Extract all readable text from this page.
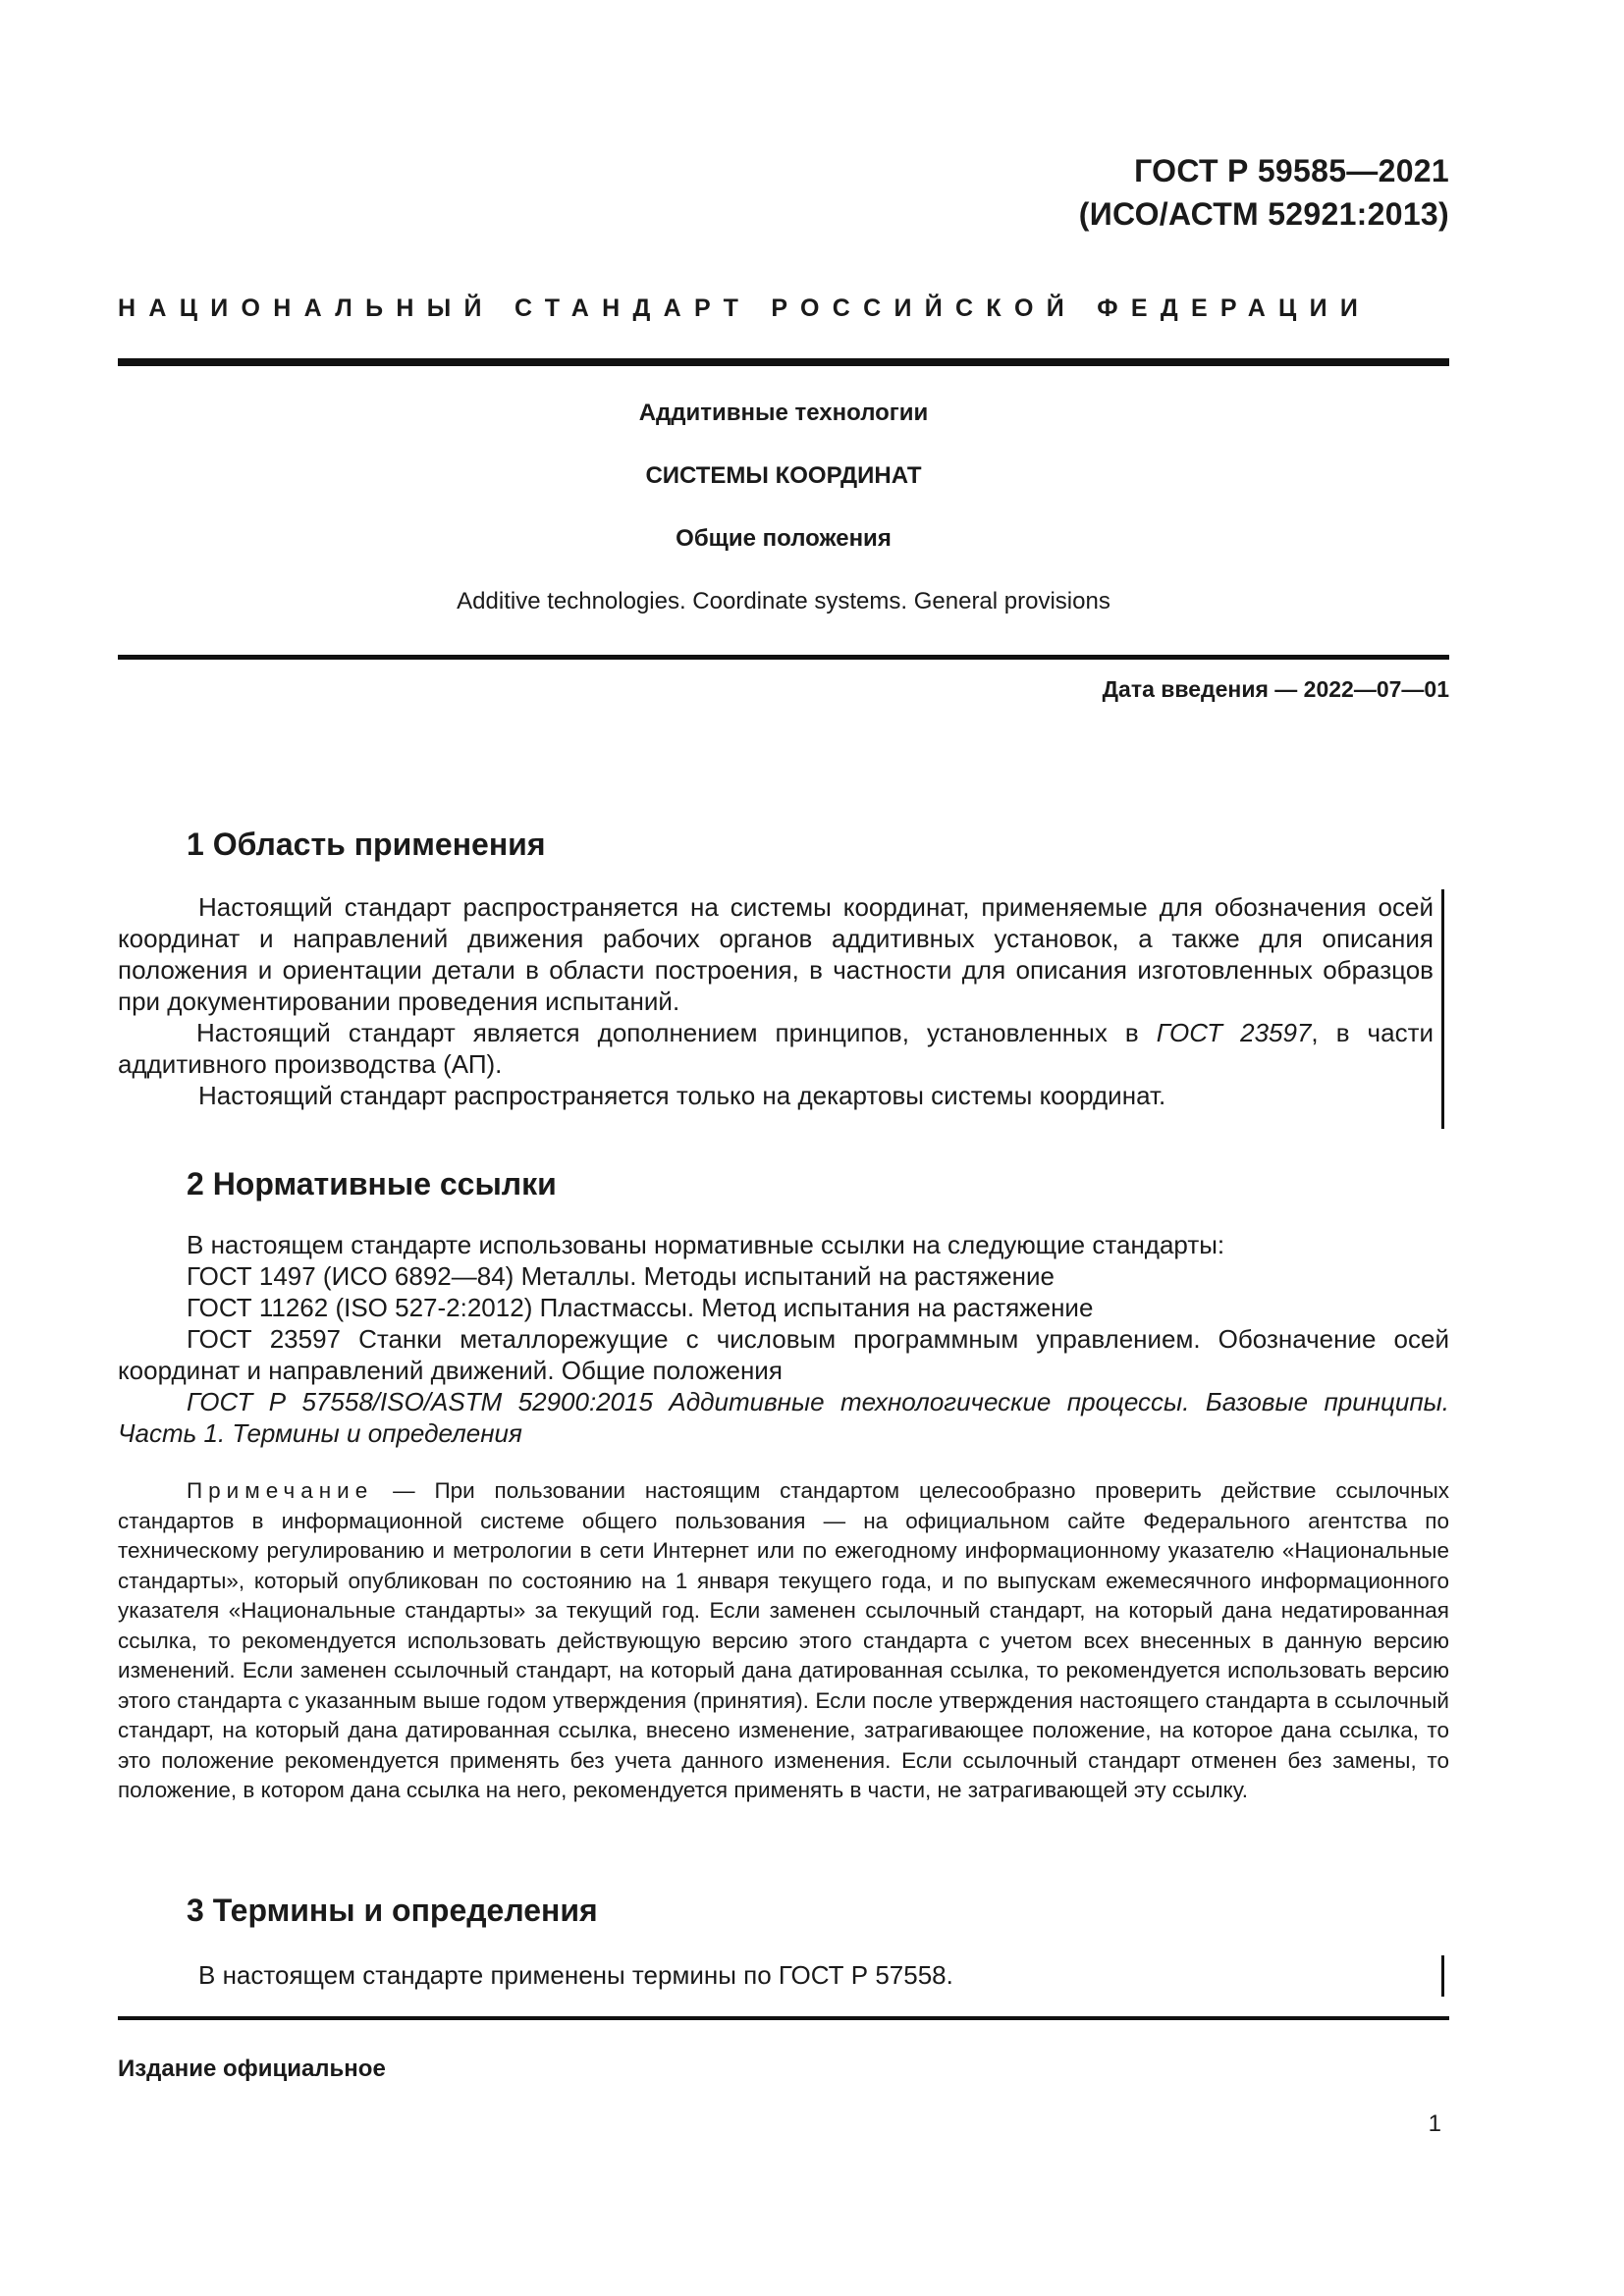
ГОСТ Р 59585—2021
(ИСО/АСТМ 52921:2013)
НАЦИОНАЛЬНЫЙ СТАНДАРТ РОССИЙСКОЙ ФЕДЕРАЦИИ
Аддитивные технологии
СИСТЕМЫ КООРДИНАТ
Общие положения
Additive technologies. Coordinate systems. General provisions
Дата введения — 2022—07—01
1 Область применения

Настоящий стандарт распространяется на системы координат, применяемые для обозначения осей координат и направлений движения рабочих органов аддитивных установок, а также для описания положения и ориентации детали в области построения, в частности для описания изготовленных образцов при документировании проведения испытаний.

Настоящий стандарт является дополнением принципов, установленных в ГОСТ 23597, в части аддитивного производства (АП).

Настоящий стандарт распространяется только на декартовы системы координат.

2 Нормативные ссылки

В настоящем стандарте использованы нормативные ссылки на следующие стандарты:

ГОСТ 1497 (ИСО 6892—84) Металлы. Методы испытаний на растяжение

ГОСТ 11262 (ISO 527-2:2012) Пластмассы. Метод испытания на растяжение

ГОСТ 23597 Станки металлорежущие с числовым программным управлением. Обозначение осей координат и направлений движений. Общие положения

ГОСТ Р 57558/ISO/ASTM 52900:2015 Аддитивные технологические процессы. Базовые принципы. Часть 1. Термины и определения

Примечание — При пользовании настоящим стандартом целесообразно проверить действие ссылочных стандартов в информационной системе общего пользования — на официальном сайте Федерального агентства по техническому регулированию и метрологии в сети Интернет или по ежегодному информационному указателю «Национальные стандарты», который опубликован по состоянию на 1 января текущего года, и по выпускам ежемесячного информационного указателя «Национальные стандарты» за текущий год. Если заменен ссылочный стандарт, на который дана недатированная ссылка, то рекомендуется использовать действующую версию этого стандарта с учетом всех внесенных в данную версию изменений. Если заменен ссылочный стандарт, на который дана датированная ссылка, то рекомендуется использовать версию этого стандарта с указанным выше годом утверждения (принятия). Если после утверждения настоящего стандарта в ссылочный стандарт, на который дана датированная ссылка, внесено изменение, затрагивающее положение, на которое дана ссылка, то это положение рекомендуется применять без учета данного изменения. Если ссылочный стандарт отменен без замены, то положение, в котором дана ссылка на него, рекомендуется применять в части, не затрагивающей эту ссылку.

3 Термины и определения

В настоящем стандарте применены термины по ГОСТ Р 57558.

Издание официальное
1
